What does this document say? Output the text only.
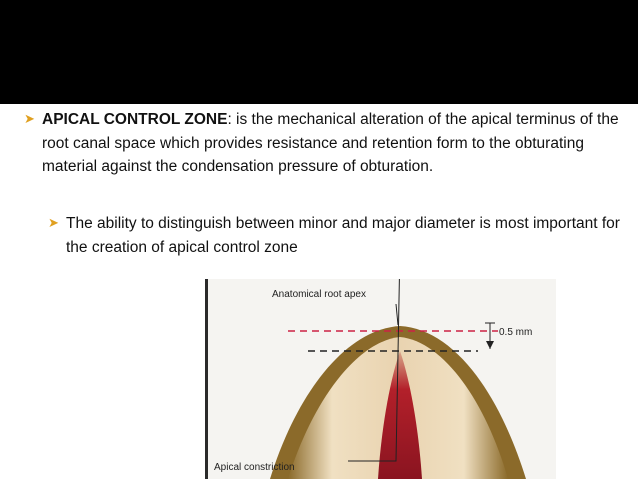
➤ APICAL CONTROL ZONE: is the mechanical alteration of the apical terminus of the root canal space which provides resistance and retention form to the obturating material against the condensation pressure of obturation.
➤ The ability to distinguish between minor and major diameter is most important for the creation of apical control zone
Anatomical root apex
0.5 mm
Apical constriction
